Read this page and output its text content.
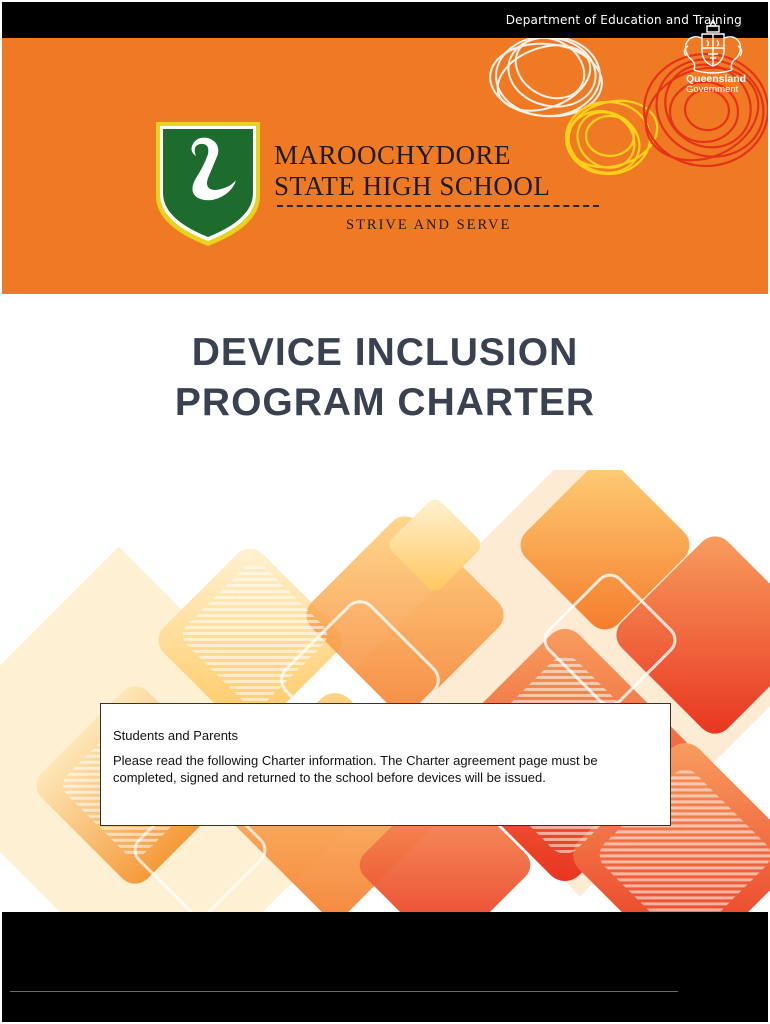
Department of Education and Training
MAROOCHYDORE
STATE HIGH SCHOOL
STRIVE AND SERVE
DEVICE INCLUSION
PROGRAM CHARTER
Students and Parents
Please read the following Charter information. The Charter agreement page must be completed, signed and returned to the school before devices will be issued.
Queensland
Government
